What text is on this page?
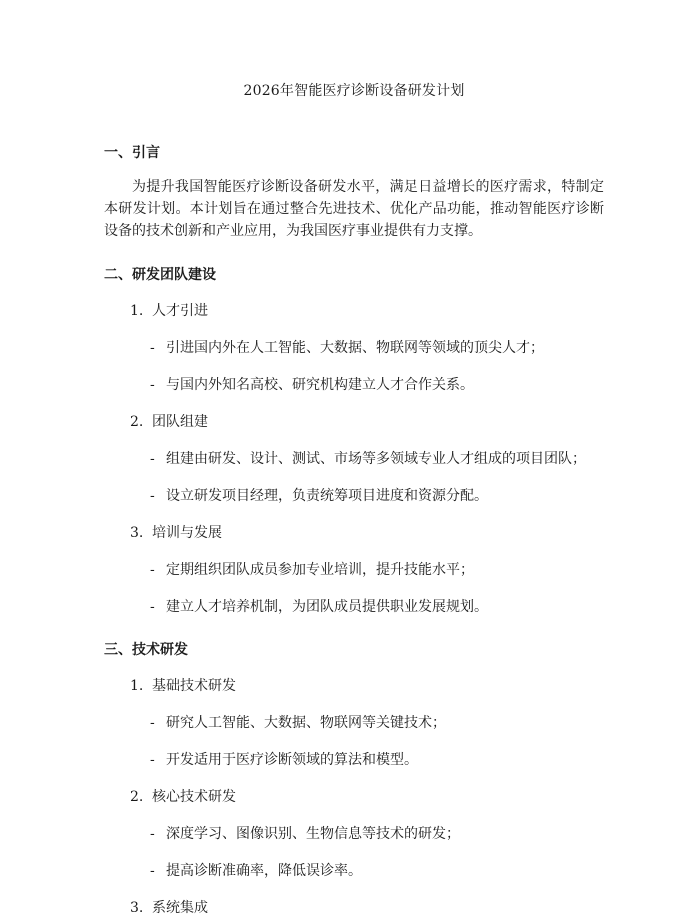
2026年智能医疗诊断设备研发计划
一、引言

为提升我国智能医疗诊断设备研发水平，满足日益增长的医疗需求，特制定本研发计划。本计划旨在通过整合先进技术、优化产品功能，推动智能医疗诊断设备的技术创新和产业应用，为我国医疗事业提供有力支撑。

二、研发团队建设
1. 人才引进
- 引进国内外在人工智能、大数据、物联网等领域的顶尖人才；
- 与国内外知名高校、研究机构建立人才合作关系。
2. 团队组建
- 组建由研发、设计、测试、市场等多领域专业人才组成的项目团队；
- 设立研发项目经理，负责统筹项目进度和资源分配。
3. 培训与发展
- 定期组织团队成员参加专业培训，提升技能水平；
- 建立人才培养机制，为团队成员提供职业发展规划。
三、技术研发
1. 基础技术研发
- 研究人工智能、大数据、物联网等关键技术；
- 开发适用于医疗诊断领域的算法和模型。
2. 核心技术研发
- 深度学习、图像识别、生物信息等技术的研发；
- 提高诊断准确率，降低误诊率。
3. 系统集成
